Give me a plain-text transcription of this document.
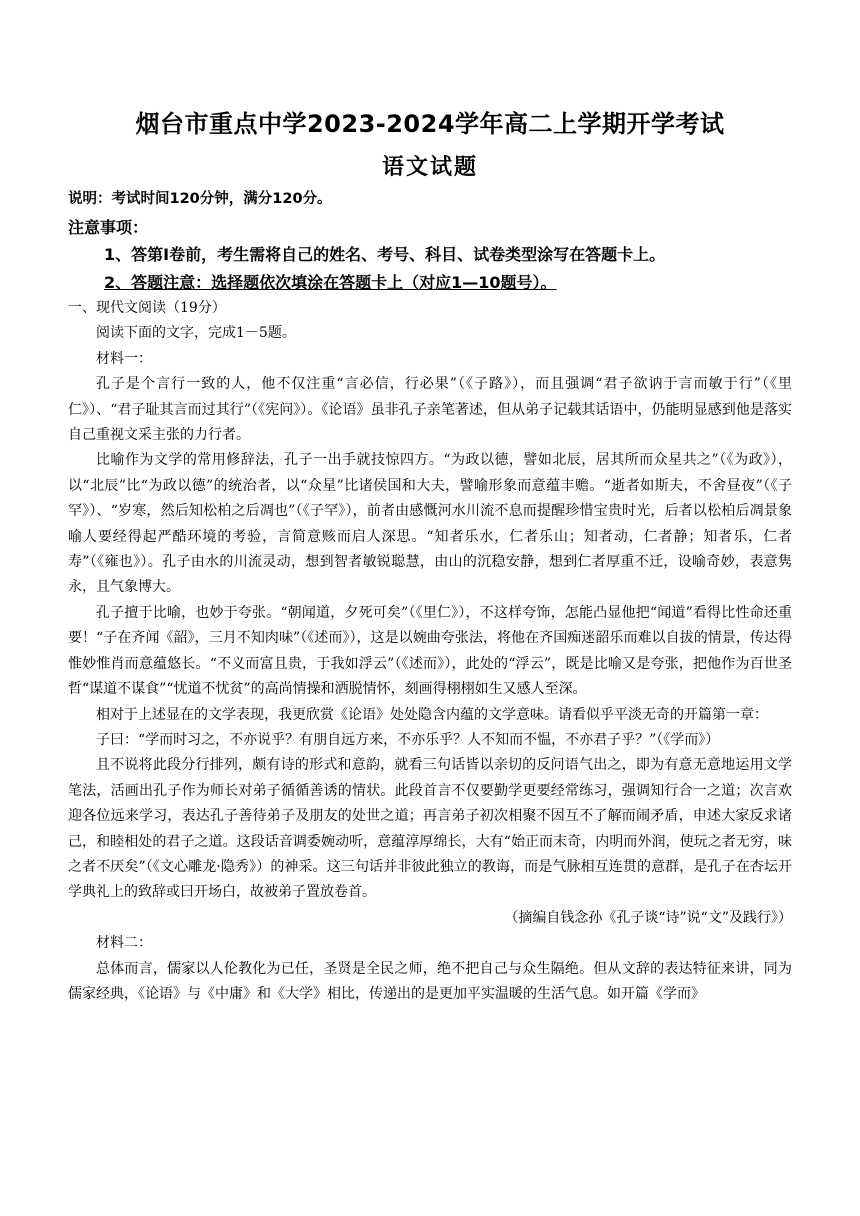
烟台市重点中学2023-2024学年高二上学期开学考试
语文试题
说明：考试时间120分钟，满分120分。
注意事项：
1、答第Ⅰ卷前，考生需将自己的姓名、考号、科目、试卷类型涂写在答题卡上。
2、答题注意：选择题依次填涂在答题卡上（对应1—10题号）。

一、现代文阅读（19分）

阅读下面的文字，完成1－5题。

材料一：

孔子是个言行一致的人，他不仅注重“言必信，行必果”（《子路》），而且强调“君子欲讷于言而敏于行”（《里仁》）、“君子耻其言而过其行”（《宪问》）。《论语》虽非孔子亲笔著述，但从弟子记载其话语中，仍能明显感到他是落实自己重视文采主张的力行者。

比喻作为文学的常用修辞法，孔子一出手就技惊四方。“为政以德，譬如北辰，居其所而众星共之”（《为政》），以“北辰”比“为政以德”的统治者，以“众星”比诸侯国和大夫，譬喻形象而意蕴丰赡。“逝者如斯夫，不舍昼夜”（《子罕》）、“岁寒，然后知松柏之后凋也”（《子罕》），前者由感慨河水川流不息而提醒珍惜宝贵时光，后者以松柏后凋景象喻人要经得起严酷环境的考验，言简意赅而启人深思。“知者乐水，仁者乐山；知者动，仁者静；知者乐，仁者寿”（《雍也》）。孔子由水的川流灵动，想到智者敏锐聪慧，由山的沉稳安静，想到仁者厚重不迁，设喻奇妙，表意隽永，且气象博大。

孔子擅于比喻，也妙于夸张。“朝闻道，夕死可矣”（《里仁》），不这样夸饰，怎能凸显他把“闻道”看得比性命还重要！“子在齐闻《韶》，三月不知肉味”（《述而》），这是以婉曲夸张法，将他在齐国痴迷韶乐而难以自拔的情景，传达得惟妙惟肖而意蕴悠长。“不义而富且贵，于我如浮云”（《述而》），此处的“浮云”，既是比喻又是夸张，把他作为百世圣哲“谋道不谋食”“忧道不忧贫”的高尚情操和洒脱情怀，刻画得栩栩如生又感人至深。

相对于上述显在的文学表现，我更欣赏《论语》处处隐含内蕴的文学意味。请看似乎平淡无奇的开篇第一章：

子曰：“学而时习之，不亦说乎？有朋自远方来，不亦乐乎？人不知而不愠，不亦君子乎？”（《学而》）

且不说将此段分行排列，颇有诗的形式和意韵，就看三句话皆以亲切的反问语气出之，即为有意无意地运用文学笔法，活画出孔子作为师长对弟子循循善诱的情状。此段首言不仅要勤学更要经常练习，强调知行合一之道；次言欢迎各位远来学习，表达孔子善待弟子及朋友的处世之道；再言弟子初次相聚不因互不了解而闹矛盾，申述大家反求诸己，和睦相处的君子之道。这段话音调委婉动听，意蕴淳厚绵长，大有“始正而末奇，内明而外润，使玩之者无穷，味之者不厌矣”（《文心雕龙·隐秀》）的神采。这三句话并非彼此独立的教诲，而是气脉相互连贯的意群，是孔子在杏坛开学典礼上的致辞或曰开场白，故被弟子置放卷首。

（摘编自钱念孙《孔子谈“诗”说“文”及践行》）

材料二：

总体而言，儒家以人伦教化为已任，圣贤是全民之师，绝不把自己与众生隔绝。但从文辞的表达特征来讲，同为儒家经典，《论语》与《中庸》和《大学》相比，传递出的是更加平实温暖的生活气息。如开篇《学而》
